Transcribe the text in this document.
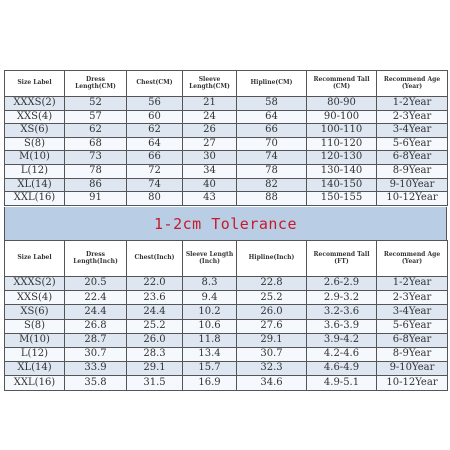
Size Label	Dress Length(CM)	Chest(CM)	Sleeve Length(CM)	Hipline(CM)	Recommend Tall (CM)	Recommend Age (Year)
XXXS(2)	52	56	21	58	80-90	1-2Year
XXS(4)	57	60	24	64	90-100	2-3Year
XS(6)	62	62	26	66	100-110	3-4Year
S(8)	68	64	27	70	110-120	5-6Year
M(10)	73	66	30	74	120-130	6-8Year
L(12)	78	72	34	78	130-140	8-9Year
XL(14)	86	74	40	82	140-150	9-10Year
XXL(16)	91	80	43	88	150-155	10-12Year
1-2cm Tolerance
Size Label	Dress Length(Inch)	Chest(Inch)	Sleeve Length (Inch)	Hipline(Inch)	Recommend Tall (FT)	Recommend Age (Year)
XXXS(2)	20.5	22.0	8.3	22.8	2.6-2.9	1-2Year
XXS(4)	22.4	23.6	9.4	25.2	2.9-3.2	2-3Year
XS(6)	24.4	24.4	10.2	26.0	3.2-3.6	3-4Year
S(8)	26.8	25.2	10.6	27.6	3.6-3.9	5-6Year
M(10)	28.7	26.0	11.8	29.1	3.9-4.2	6-8Year
L(12)	30.7	28.3	13.4	30.7	4.2-4.6	8-9Year
XL(14)	33.9	29.1	15.7	32.3	4.6-4.9	9-10Year
XXL(16)	35.8	31.5	16.9	34.6	4.9-5.1	10-12Year
